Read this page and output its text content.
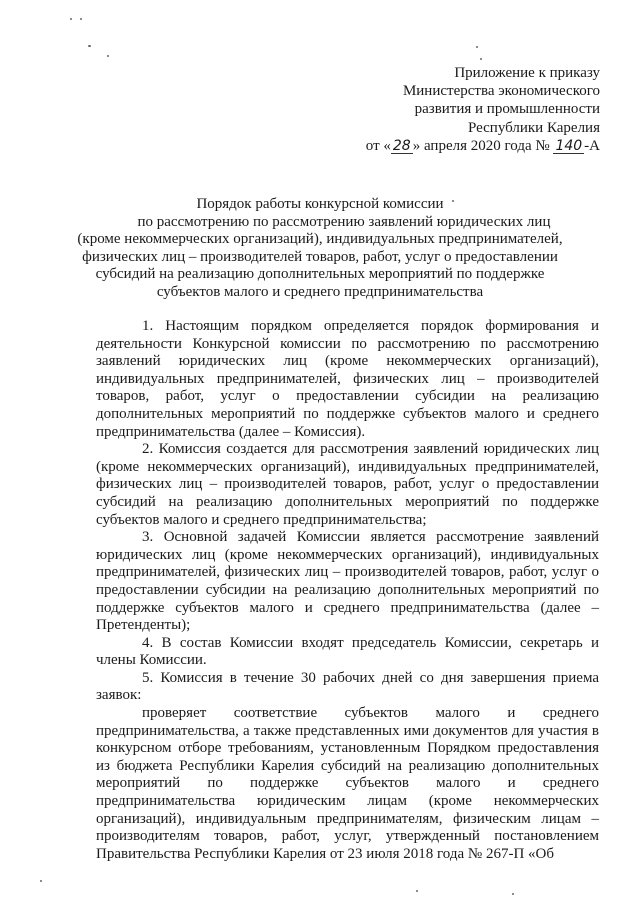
Приложение к приказу
Министерства экономического
развития и промышленности
Республики Карелия
от « 28 » апреля 2020 года № 140 -А
Порядок работы конкурсной комиссии
по рассмотрению по рассмотрению заявлений юридических лиц
(кроме некоммерческих организаций), индивидуальных предпринимателей,
физических лиц – производителей товаров, работ, услуг о предоставлении
субсидий на реализацию дополнительных мероприятий по поддержке
субъектов малого и среднего предпринимательства

1. Настоящим порядком определяется порядок формирования и деятельности Конкурсной комиссии по рассмотрению по рассмотрению заявлений юридических лиц (кроме некоммерческих организаций), индивидуальных предпринимателей, физических лиц – производителей товаров, работ, услуг о предоставлении субсидии на реализацию дополнительных мероприятий по поддержке субъектов малого и среднего предпринимательства (далее – Комиссия).

2. Комиссия создается для рассмотрения заявлений юридических лиц (кроме некоммерческих организаций), индивидуальных предпринимателей, физических лиц – производителей товаров, работ, услуг о предоставлении субсидий на реализацию дополнительных мероприятий по поддержке субъектов малого и среднего предпринимательства;

3. Основной задачей Комиссии является рассмотрение заявлений юридических лиц (кроме некоммерческих организаций), индивидуальных предпринимателей, физических лиц – производителей товаров, работ, услуг о предоставлении субсидии на реализацию дополнительных мероприятий по поддержке субъектов малого и среднего предпринимательства (далее – Претенденты);

4. В состав Комиссии входят председатель Комиссии, секретарь и члены Комиссии.

5. Комиссия в течение 30 рабочих дней со дня завершения приема заявок:

проверяет соответствие субъектов малого и среднего предпринимательства, а также представленных ими документов для участия в конкурсном отборе требованиям, установленным Порядком предоставления из бюджета Республики Карелия субсидий на реализацию дополнительных мероприятий по поддержке субъектов малого и среднего предпринимательства юридическим лицам (кроме некоммерческих организаций), индивидуальным предпринимателям, физическим лицам – производителям товаров, работ, услуг, утвержденный постановлением Правительства Республики Карелия от 23 июля 2018 года № 267-П «Об
